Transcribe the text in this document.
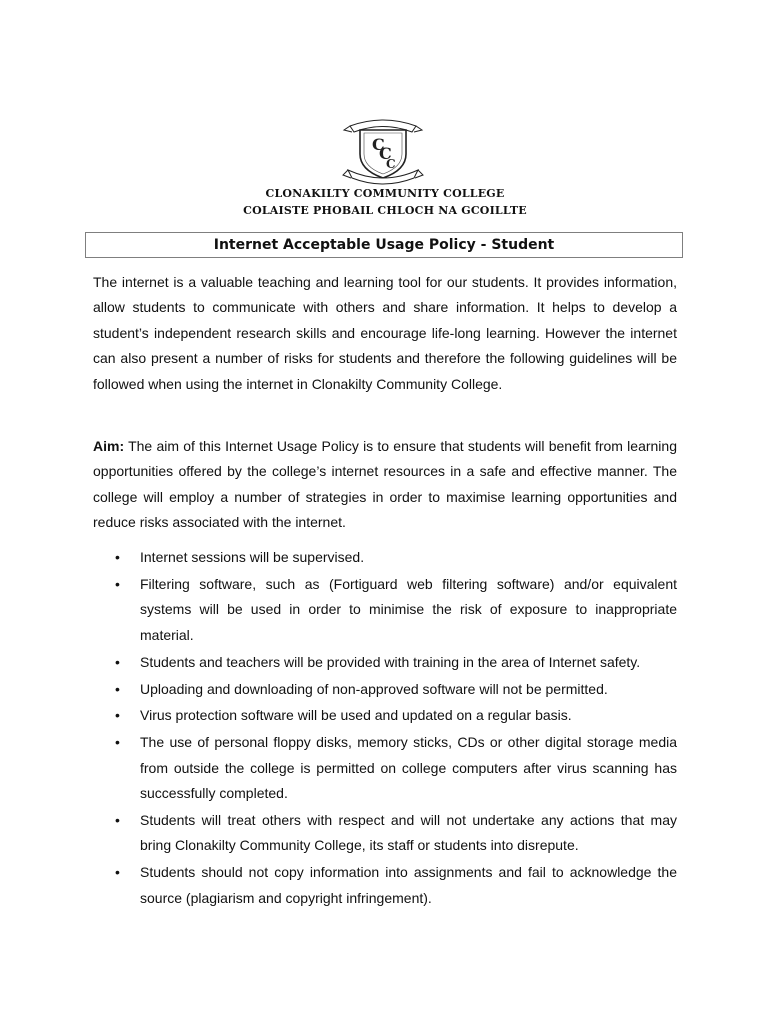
C
C
C

CLONAKILTY COMMUNITY COLLEGE

COLAISTE PHOBAIL CHLOCH NA GCOILLTE

Internet Acceptable Usage Policy - Student

The internet is a valuable teaching and learning tool for our students. It provides information, allow students to communicate with others and share information. It helps to develop a student’s independent research skills and encourage life-long learning. However the internet can also present a number of risks for students and therefore the following guidelines will be followed when using the internet in Clonakilty Community College.

Aim: The aim of this Internet Usage Policy is to ensure that students will benefit from learning opportunities offered by the college’s internet resources in a safe and effective manner. The college will employ a number of strategies in order to maximise learning opportunities and reduce risks associated with the internet.

• Internet sessions will be supervised.
• Filtering software, such as (Fortiguard web filtering software) and/or equivalent systems will be used in order to minimise the risk of exposure to inappropriate material.
• Students and teachers will be provided with training in the area of Internet safety.
• Uploading and downloading of non-approved software will not be permitted.
• Virus protection software will be used and updated on a regular basis.
• The use of personal floppy disks, memory sticks, CDs or other digital storage media from outside the college is permitted on college computers after virus scanning has successfully completed.
• Students will treat others with respect and will not undertake any actions that may bring Clonakilty Community College, its staff or students into disrepute.
• Students should not copy information into assignments and fail to acknowledge the source (plagiarism and copyright infringement).
